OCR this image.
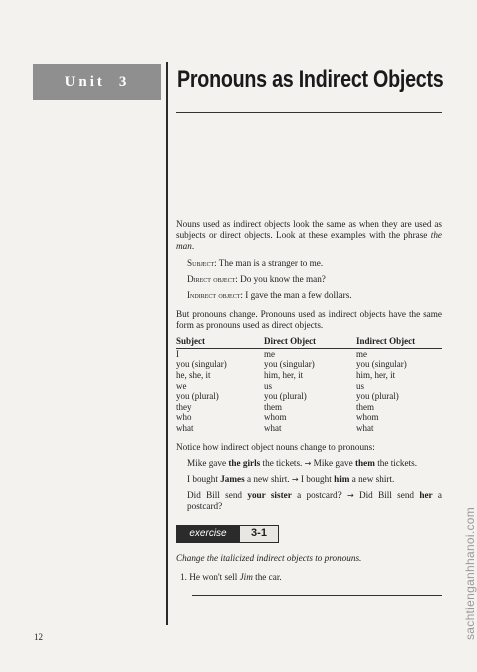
Unit 3 Pronouns as Indirect Objects

Nouns used as indirect objects look the same as when they are used as subjects or direct objects. Look at these examples with the phrase the man.

Subject: The man is a stranger to me.

Direct object: Do you know the man?

Indirect object: I gave the man a few dollars.

But pronouns change. Pronouns used as indirect objects have the same form as pronouns used as direct objects.

Subject	Direct Object	Indirect Object
I	me	me
you (singular)	you (singular)	you (singular)
he, she, it	him, her, it	him, her, it
we	us	us
you (plural)	you (plural)	you (plural)
they	them	them
who	whom	whom
what	what	what

Notice how indirect object nouns change to pronouns:

Mike gave the girls the tickets. → Mike gave them the tickets.

I bought James a new shirt. → I bought him a new shirt.

Did Bill send your sister a postcard? → Did Bill send her a postcard?

exercise	3-1

Change the italicized indirect objects to pronouns.

1. He won't sell Jim the car.

12	sachtienganhhanoi.com
